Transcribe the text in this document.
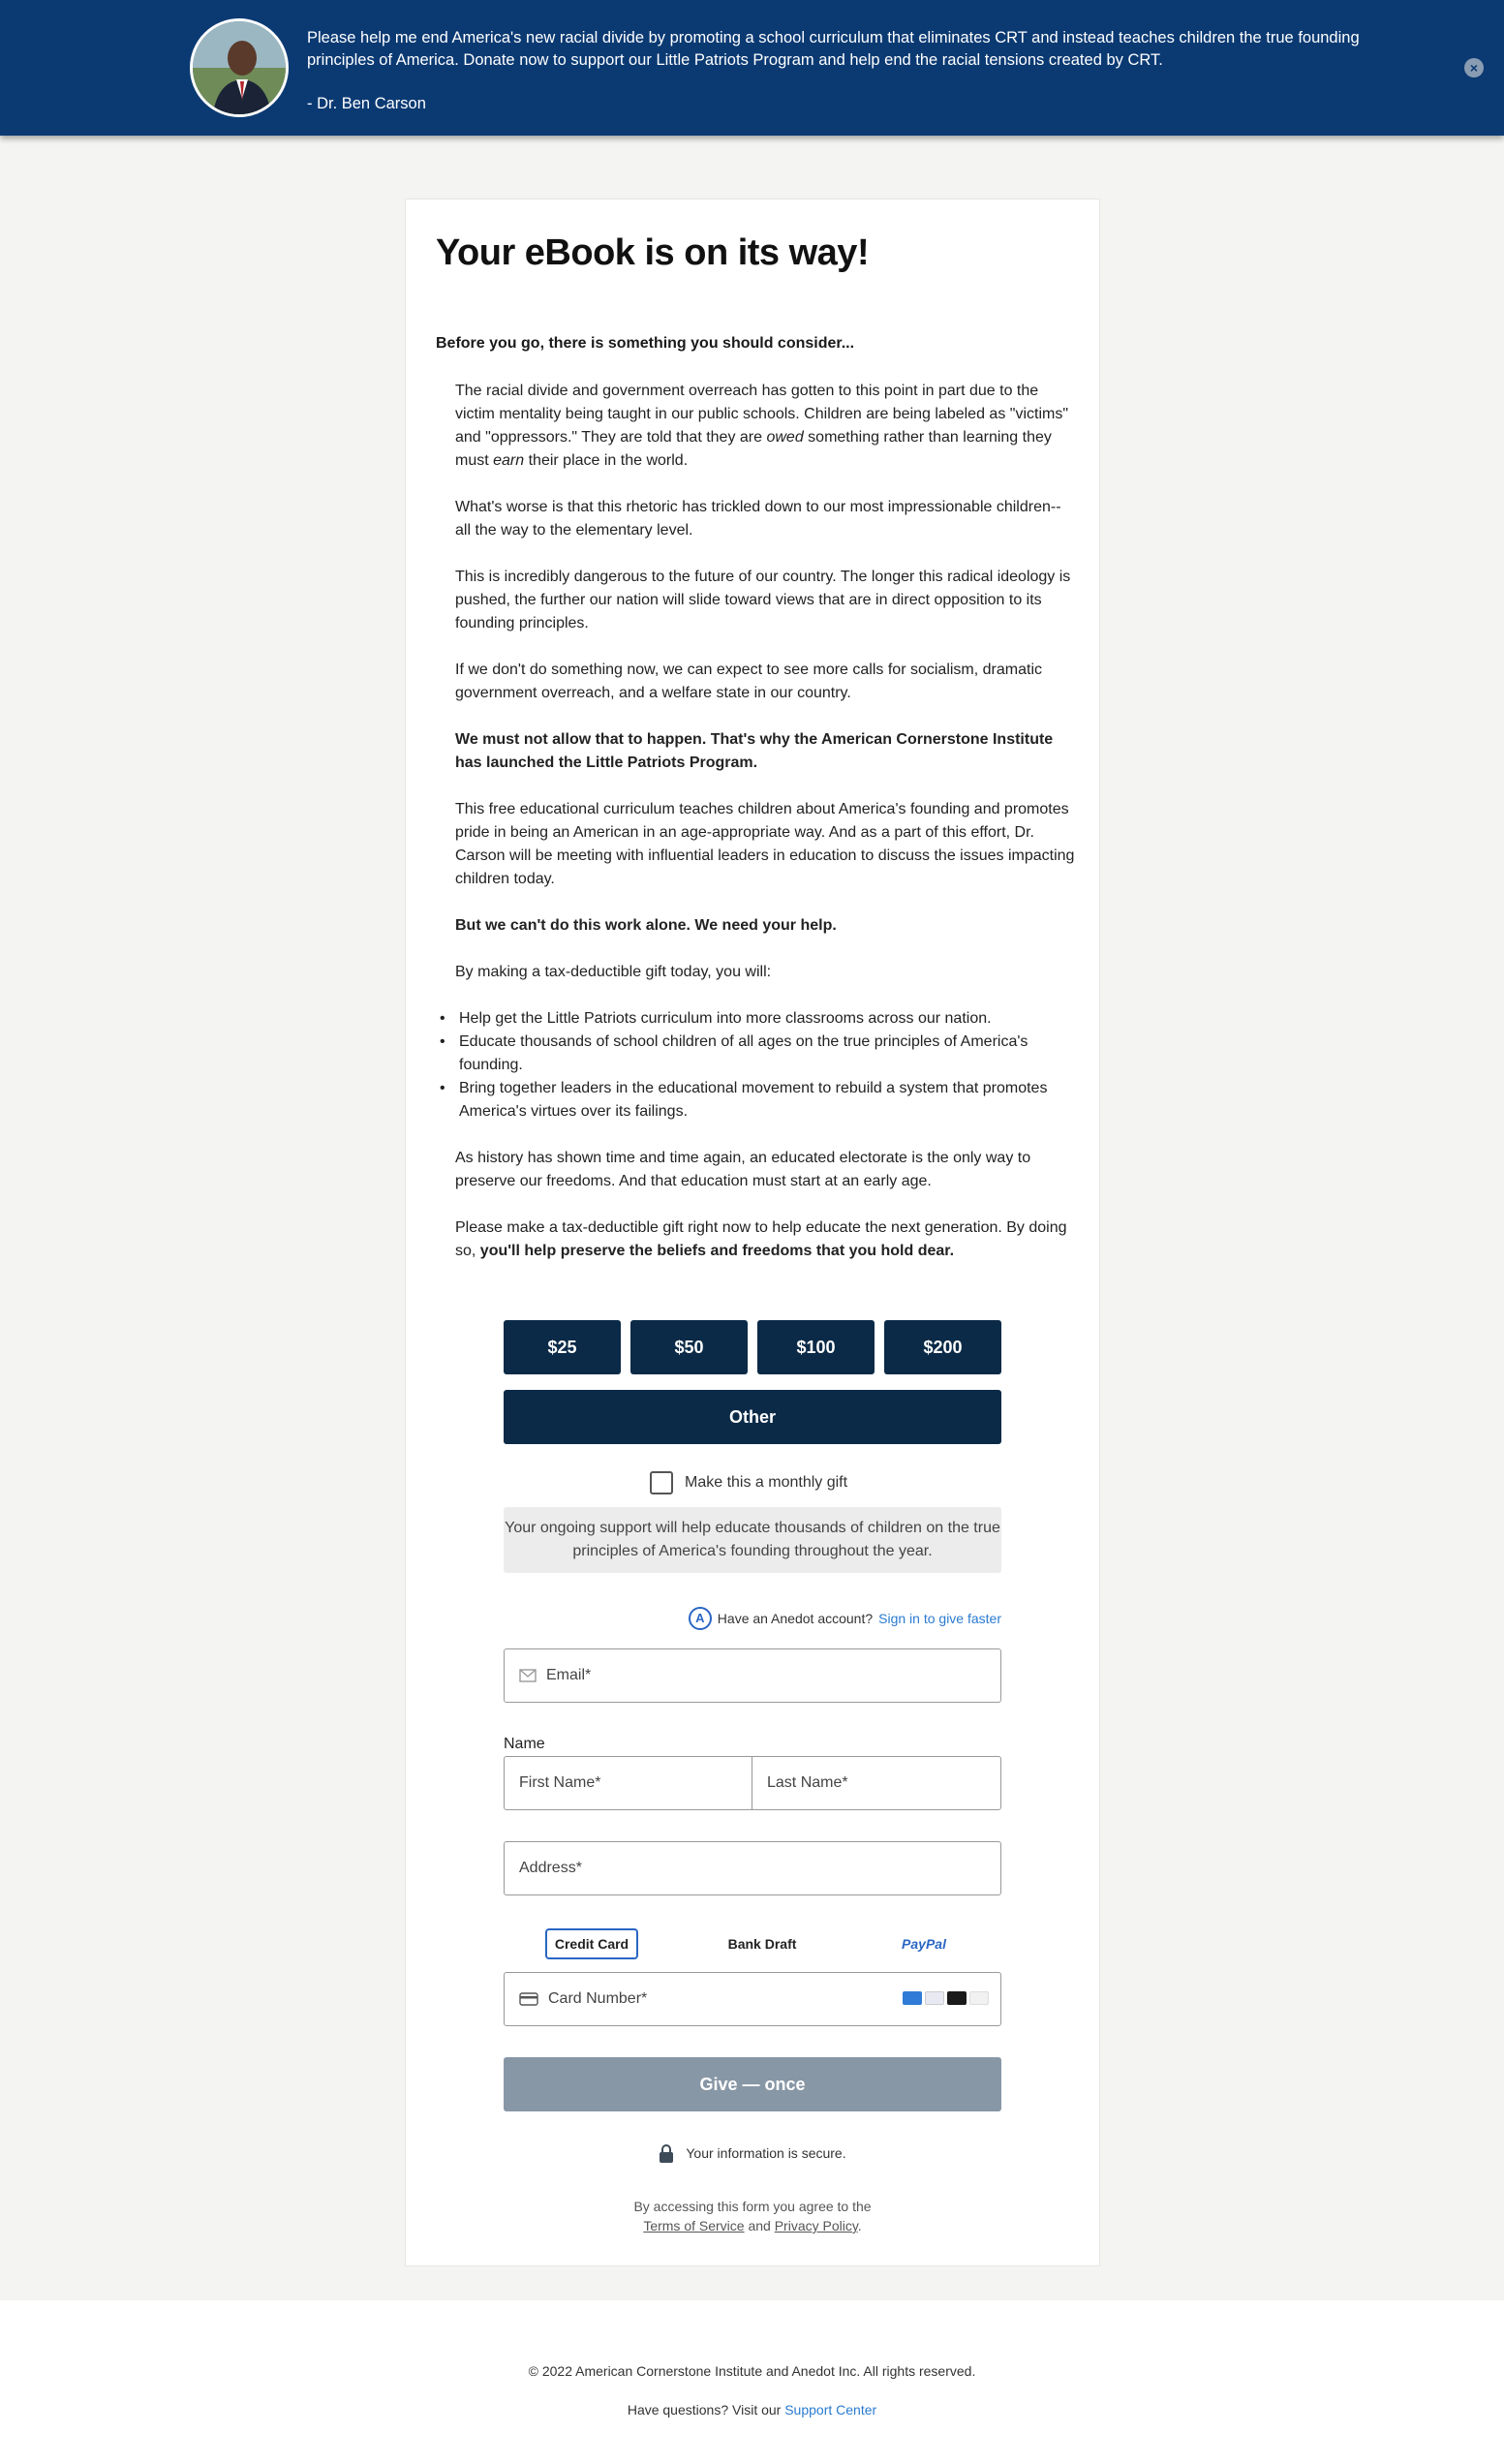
Please help me end America's new racial divide by promoting a school curriculum that eliminates CRT and instead teaches children the true founding principles of America. Donate now to support our Little Patriots Program and help end the racial tensions created by CRT.
- Dr. Ben Carson
×
Your eBook is on its way!
Before you go, there is something you should consider...

The racial divide and government overreach has gotten to this point in part due to the victim mentality being taught in our public schools. Children are being labeled as "victims" and "oppressors." They are told that they are owed something rather than learning they must earn their place in the world.

What's worse is that this rhetoric has trickled down to our most impressionable children--all the way to the elementary level.

This is incredibly dangerous to the future of our country. The longer this radical ideology is pushed, the further our nation will slide toward views that are in direct opposition to its founding principles.

If we don't do something now, we can expect to see more calls for socialism, dramatic government overreach, and a welfare state in our country.

We must not allow that to happen. That's why the American Cornerstone Institute has launched the Little Patriots Program.

This free educational curriculum teaches children about America's founding and promotes pride in being an American in an age-appropriate way. And as a part of this effort, Dr. Carson will be meeting with influential leaders in education to discuss the issues impacting children today.

But we can't do this work alone. We need your help.

By making a tax-deductible gift today, you will:

• Help get the Little Patriots curriculum into more classrooms across our nation.
• Educate thousands of school children of all ages on the true principles of America's founding.
• Bring together leaders in the educational movement to rebuild a system that promotes America's virtues over its failings.

As history has shown time and time again, an educated electorate is the only way to preserve our freedoms. And that education must start at an early age.

Please make a tax-deductible gift right now to help educate the next generation. By doing so, you'll help preserve the beliefs and freedoms that you hold dear.

$25	$50	$100	$200
Other
Make this a monthly gift
Your ongoing support will help educate thousands of children on the true principles of America's founding throughout the year.
A Have an Anedot account? Sign in to give faster
Email*
Name
First Name*	Last Name*
Address*
Credit Card	Bank Draft	PayPal
Card Number*
Give — once
Your information is secure.
By accessing this form you agree to the
Terms of Service and Privacy Policy.
© 2022 American Cornerstone Institute and Anedot Inc. All rights reserved.
Have questions? Visit our Support Center
